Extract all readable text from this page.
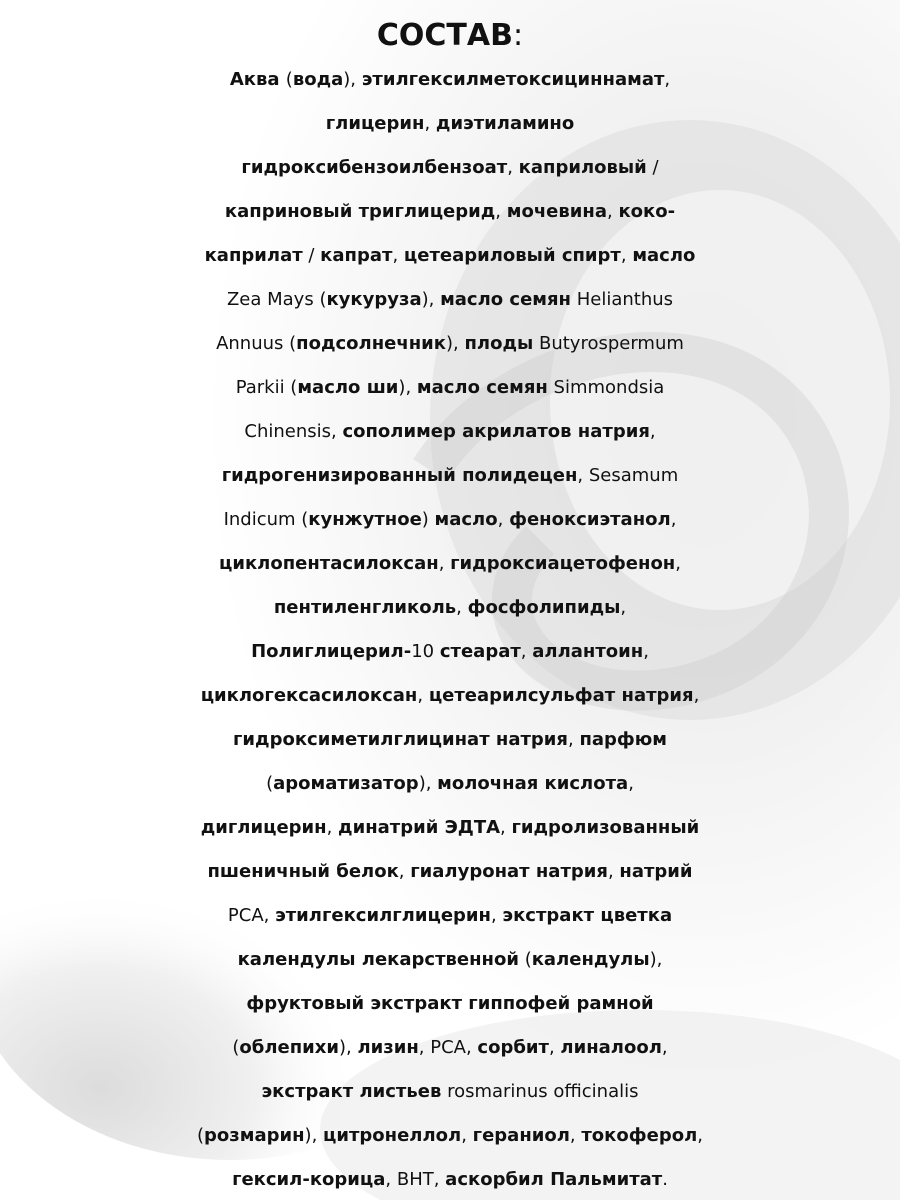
СОСТАВ:
Аква (вода), этилгексилметоксициннамат,
глицерин, диэтиламино
гидроксибензоилбензоат, каприловый /
каприновый триглицерид, мочевина, коко-
каприлат / капрат, цетеариловый спирт, масло
Zea Mays (кукуруза), масло семян Helianthus
Annuus (подсолнечник), плоды Butyrospermum
Parkii (масло ши), масло семян Simmondsia
Chinensis, сополимер акрилатов натрия,
гидрогенизированный полидецен, Sesamum
Indicum (кунжутное) масло, феноксиэтанол,
циклопентасилоксан, гидроксиацетофенон,
пентиленгликоль, фосфолипиды,
Полиглицерил-10 стеарат, аллантоин,
циклогексасилоксан, цетеарилсульфат натрия,
гидроксиметилглицинат натрия, парфюм
(ароматизатор), молочная кислота,
диглицерин, динатрий ЭДТА, гидролизованный
пшеничный белок, гиалуронат натрия, натрий
PCA, этилгексилглицерин, экстракт цветка
календулы лекарственной (календулы),
фруктовый экстракт гиппофей рамной
(облепихи), лизин, PCA, сорбит, линалоол,
экстракт листьев rosmarinus officinalis
(розмарин), цитронеллол, гераниол, токоферол,
гексил-корица, BHT, аскорбил Пальмитат.
